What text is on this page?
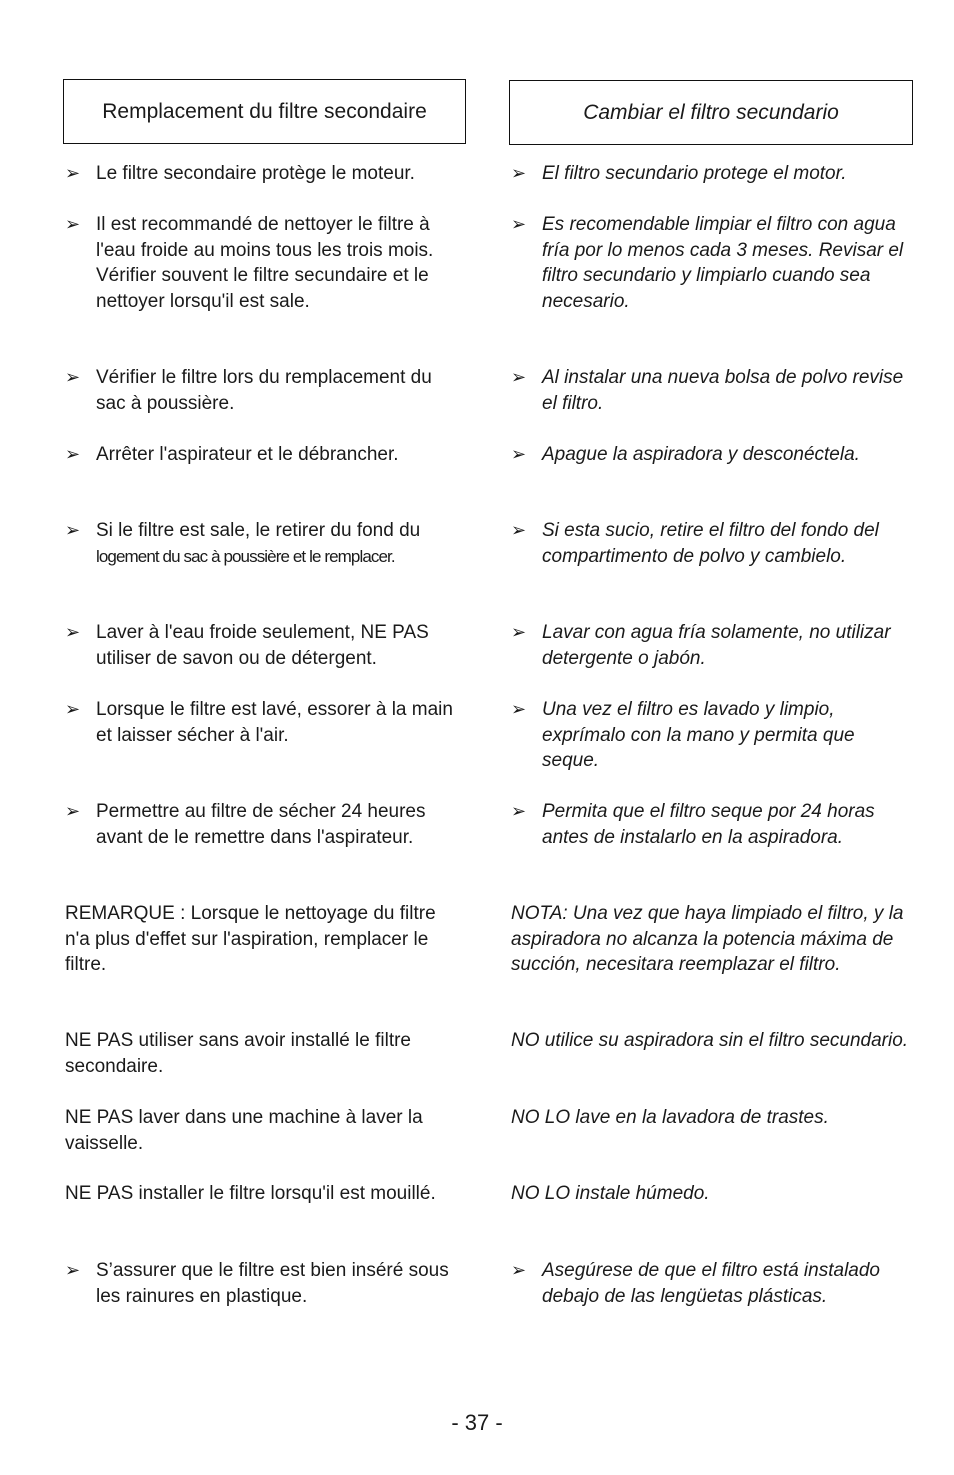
Remplacement du filtre secondaire	Cambiar el filtro secundario
➢ Le filtre secondaire protège le moteur.
➢ Il est recommandé de nettoyer le filtre à l'eau froide au moins tous les trois mois. Vérifier souvent le filtre secundaire et le nettoyer lorsqu'il est sale.
➢ Vérifier le filtre lors du remplacement du sac à poussière.
➢ Arrêter l'aspirateur et le débrancher.
➢ Si le filtre est sale, le retirer du fond du
logement du sac à poussière et le remplacer.
➢ Laver à l'eau froide seulement, NE PAS utiliser de savon ou de détergent.
➢ Lorsque le filtre est lavé, essorer à la main et laisser sécher à l'air.
➢ Permettre au filtre de sécher 24 heures avant de le remettre dans l'aspirateur.
REMARQUE : Lorsque le nettoyage du filtre n'a plus d'effet sur l'aspiration, remplacer le filtre.
NE PAS utiliser sans avoir installé le filtre secondaire.
NE PAS laver dans une machine à laver la vaisselle.
NE PAS installer le filtre lorsqu'il est mouillé.
➢ S’assurer que le filtre est bien inséré sous les rainures en plastique.
➢ El filtro secundario protege el motor.
➢ Es recomendable limpiar el filtro con agua fría por lo menos cada 3 meses. Revisar el filtro secundario y limpiarlo cuando sea necesario.
➢ Al instalar una nueva bolsa de polvo revise el filtro.
➢ Apague la aspiradora y desconéctela.
➢ Si esta sucio, retire el filtro del fondo del compartimento de polvo y cambielo.
➢ Lavar con agua fría solamente, no utilizar detergente o jabón.
➢ Una vez el filtro es lavado y limpio, exprímalo con la mano y permita que seque.
➢ Permita que el filtro seque por 24 horas antes de instalarlo en la aspiradora.
NOTA: Una vez que haya limpiado el filtro, y la aspiradora no alcanza la potencia máxima de succión, necesitara reemplazar el filtro.
NO utilice su aspiradora sin el filtro secundario.
NO LO lave en la lavadora de trastes.
NO LO instale húmedo.
➢ Asegúrese de que el filtro está instalado debajo de las lengüetas plásticas.
- 37 -
